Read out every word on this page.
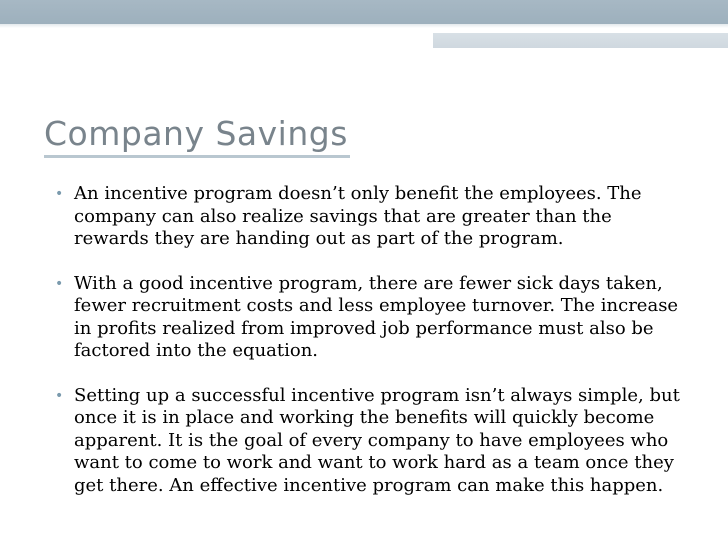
Company Savings
• An incentive program doesn’t only benefit the employees. The company can also realize savings that are greater than the rewards they are handing out as part of the program.
• With a good incentive program, there are fewer sick days taken, fewer recruitment costs and less employee turnover. The increase in profits realized from improved job performance must also be factored into the equation.
• Setting up a successful incentive program isn’t always simple, but once it is in place and working the benefits will quickly become apparent. It is the goal of every company to have employees who want to come to work and want to work hard as a team once they get there. An effective incentive program can make this happen.
